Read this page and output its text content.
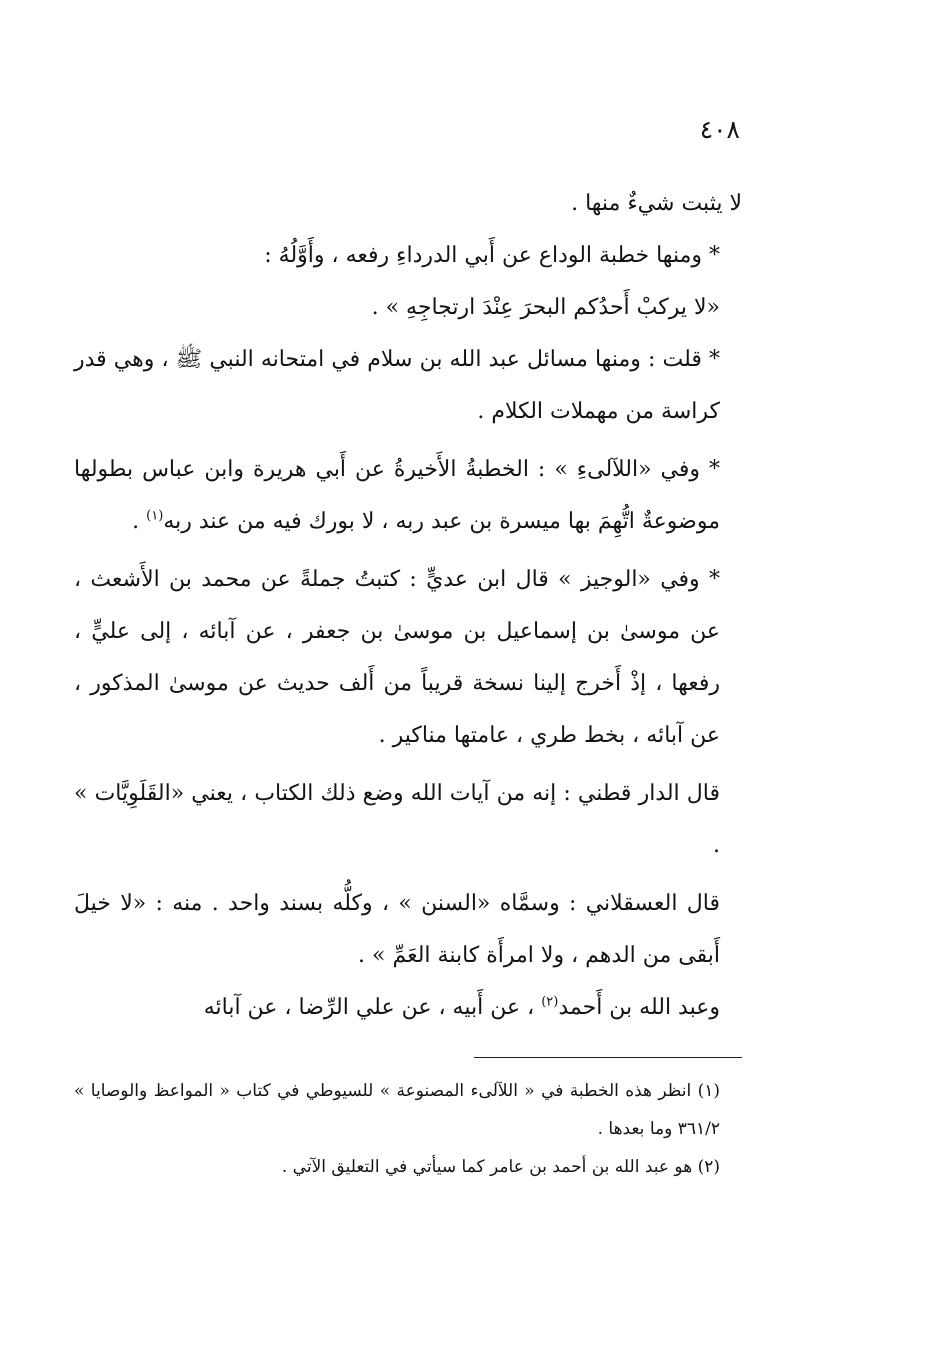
٤٠٨

لا يثبت شيءٌ منها .

* ومنها خطبة الوداع عن أَبي الدرداءِ رفعه ، وأَوَّلُهُ :

«لا يركبْ أَحدُكم البحرَ عِنْدَ ارتجاجِهِ » .

* قلت : ومنها مسائل عبد الله بن سلام في امتحانه النبي ﷺ ، وهي قدر كراسة من مهملات الكلام .

* وفي «اللآلىءِ » : الخطبةُ الأَخيرةُ عن أَبي هريرة وابن عباس بطولها موضوعةٌ اتُّهِمَ بها ميسرة بن عبد ربه ، لا بورك فيه من عند ربه$^{(١)}$ .

* وفي «الوجيز » قال ابن عديٍّ : كتبتُ جملةً عن محمد بن الأَشعث ، عن موسىٰ بن إسماعيل بن موسىٰ بن جعفر ، عن آبائه ، إلى عليٍّ ، رفعها ، إذْ أَخرج إلينا نسخة قريباً من أَلف حديث عن موسىٰ المذكور ، عن آبائه ، بخط طري ، عامتها مناكير .

قال الدار قطني : إنه من آيات الله وضع ذلك الكتاب ، يعني «القَلَوِيَّات » .

قال العسقلاني : وسمَّاه «السنن » ، وكلُّه بسند واحد . منه : «لا خيلَ أَبقى من الدهم ، ولا امرأَة كابنة العَمِّ » .

وعبد الله بن أَحمد$^{(٢)}$ ، عن أَبيه ، عن علي الرِّضا ، عن آبائه

(١) انظر هذه الخطبة في « اللآلىء المصنوعة » للسيوطي في كتاب « المواعظ والوصايا » ٣٦١/٢ وما بعدها .

(٢) هو عبد الله بن أحمد بن عامر كما سيأتي في التعليق الآتي .
